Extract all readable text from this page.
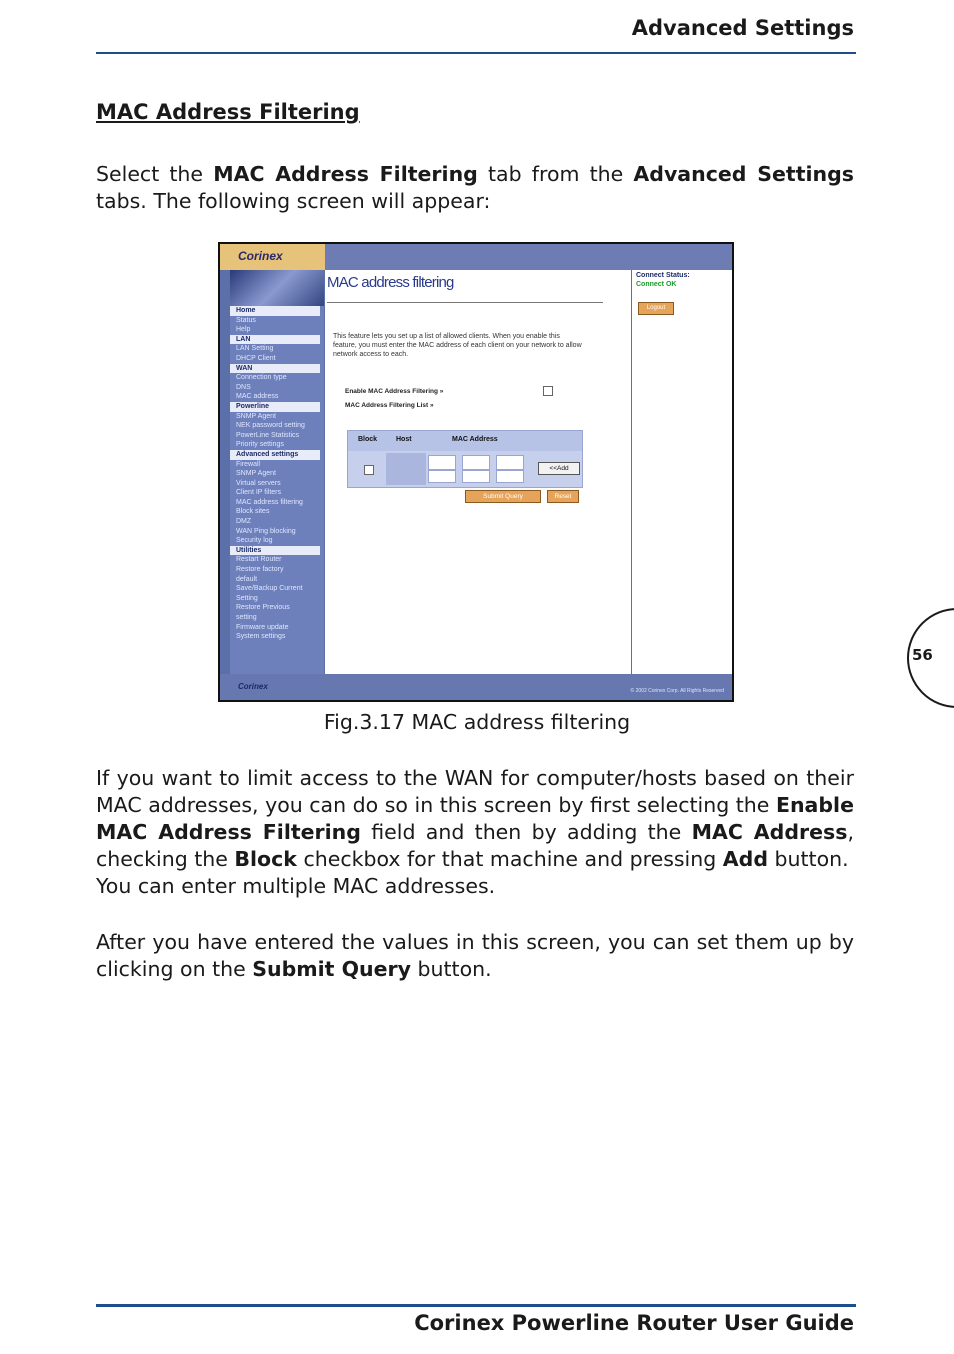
Advanced Settings
MAC Address Filtering
Select the MAC Address Filtering tab from the Advanced Settings tabs. The following screen will appear:
Corinex
Home
Status
Help
LAN
LAN Setting
DHCP Client
WAN
Connection type
DNS
MAC address
Powerline
SNMP Agent
NEK password setting
PowerLine Statistics
Priority settings
Advanced settings
Firewall
SNMP Agent
Virtual servers
Client IP filters
MAC address filtering
Block sites
DMZ
WAN Ping blocking
Security log
Utilities
Restart Router
Restore factory
default
Save/Backup Current
Setting
Restore Previous
setting
Firmware update
System settings
MAC address filtering
This feature lets you set up a list of allowed clients. When you enable this feature, you must enter the MAC address of each client on your network to allow network access to each.
Enable MAC Address Filtering »
MAC Address Filtering List »
Block	Host	MAC Address
<<Add
Submit Query	Reset
Connect Status:
Connect OK
Logout
Corinex	© 2002 Corinex Corp. All Rights Reserved
Fig.3.17 MAC address filtering
If you want to limit access to the WAN for computer/hosts based on their MAC addresses, you can do so in this screen by first selecting the Enable MAC Address Filtering field and then by adding the MAC Address, checking the Block checkbox for that machine and pressing Add button.
You can enter multiple MAC addresses.
After you have entered the values in this screen, you can set them up by clicking on the Submit Query button.
56
Corinex Powerline Router User Guide
